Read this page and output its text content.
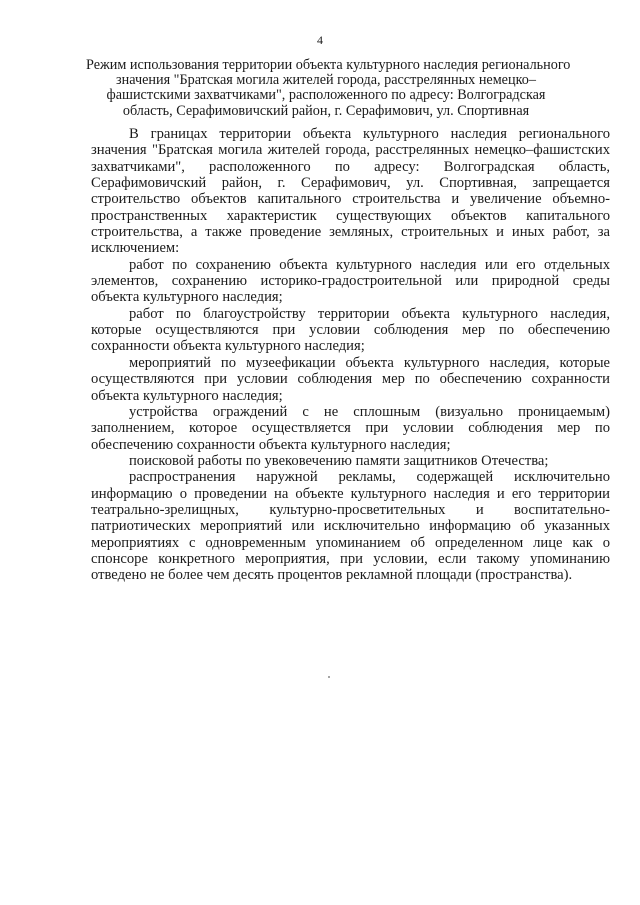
4
Режим использования территории объекта культурного наследия регионального
значения "Братская могила жителей города, расстрелянных немецко–
фашистскими захватчиками", расположенного по адресу: Волгоградская
область, Серафимовичский район, г. Серафимович, ул. Спортивная

В границах территории объекта культурного наследия регионального значения "Братская могила жителей города, расстрелянных немецко–фашистских захватчиками", расположенного по адресу: Волгоградская область, Серафимовичский район, г. Серафимович, ул. Спортивная, запрещается строительство объектов капитального строительства и увеличение объемно-пространственных характеристик существующих объектов капитального строительства, а также проведение земляных, строительных и иных работ, за исключением:

работ по сохранению объекта культурного наследия или его отдельных элементов, сохранению историко-градостроительной или природной среды объекта культурного наследия;

работ по благоустройству территории объекта культурного наследия, которые осуществляются при условии соблюдения мер по обеспечению сохранности объекта культурного наследия;

мероприятий по музеефикации объекта культурного наследия, которые осуществляются при условии соблюдения мер по обеспечению сохранности объекта культурного наследия;

устройства ограждений с не сплошным (визуально проницаемым) заполнением, которое осуществляется при условии соблюдения мер по обеспечению сохранности объекта культурного наследия;

поисковой работы по увековечению памяти защитников Отечества;

распространения наружной рекламы, содержащей исключительно информацию о проведении на объекте культурного наследия и его территории театрально-зрелищных, культурно-просветительных и воспитательно-патриотических мероприятий или исключительно информацию об указанных мероприятиях с одновременным упоминанием об определенном лице как о спонсоре конкретного мероприятия, при условии, если такому упоминанию отведено не более чем десять процентов рекламной площади (пространства).
